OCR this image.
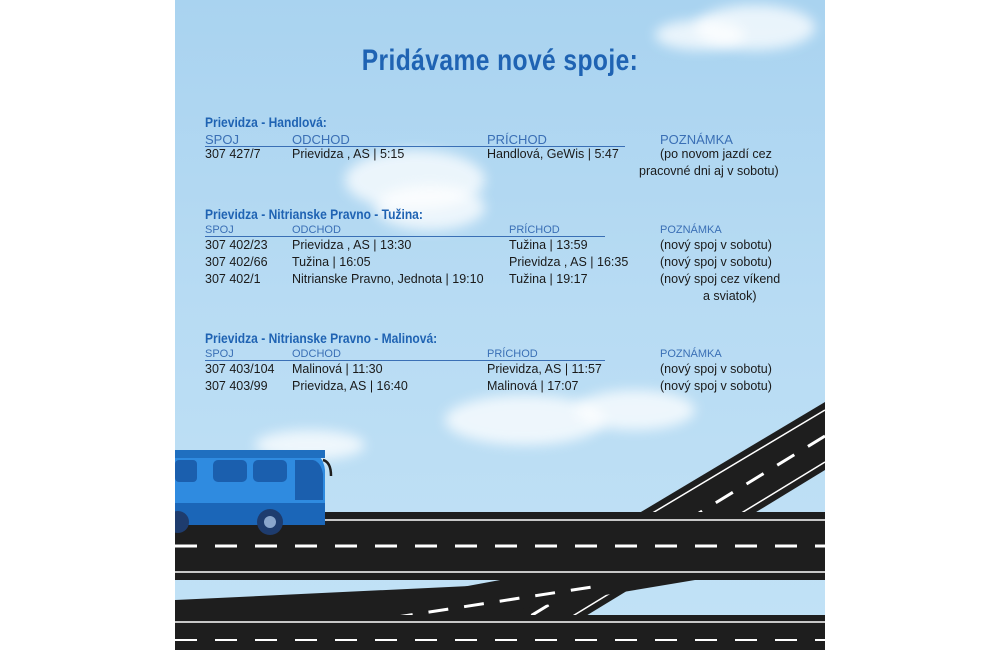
Pridávame nové spoje:
Prievidza - Handlová:
SPOJ	ODCHOD	PRÍCHOD	POZNÁMKA
307 427/7	Prievidza , AS | 5:15	Handlová, GeWis | 5:47	(po novom jazdí cez
pracovné dni aj v sobotu)
Prievidza - Nitrianske Pravno - Tužina:
SPOJ	ODCHOD	PRÍCHOD	POZNÁMKA
307 402/23 Prievidza , AS | 13:30	Tužina | 13:59	(nový spoj v sobotu)
307 402/66 Tužina | 16:05	Prievidza , AS | 16:35	(nový spoj v sobotu)
307 402/1	Nitrianske Pravno, Jednota | 19:10 Tužina | 19:17	(nový spoj cez víkend
a sviatok)
Prievidza - Nitrianske Pravno - Malinová:
SPOJ	ODCHOD	PRÍCHOD	POZNÁMKA
307 403/104 Malinová | 11:30	Prievidza, AS | 11:57	(nový spoj v sobotu)
307 403/99 Prievidza, AS | 16:40	Malinová | 17:07	(nový spoj v sobotu)
